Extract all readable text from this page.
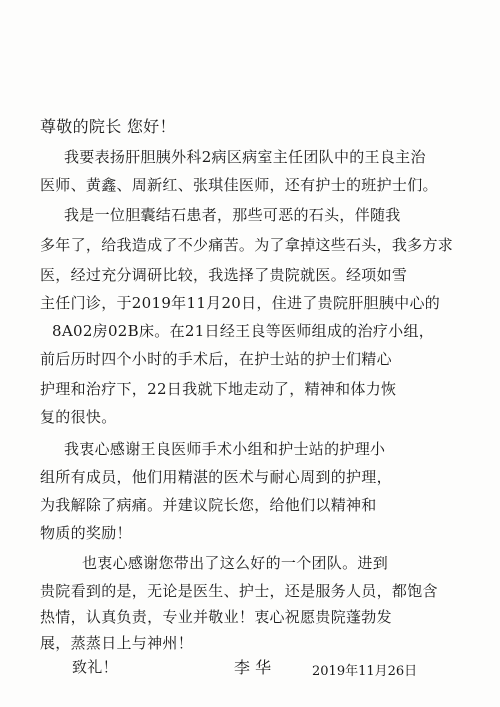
尊敬的院长 您好！
我要表扬肝胆胰外科2病区病室主任团队中的王良主治
医师、黄鑫、周新红、张琪佳医师，还有护士的班护士们。
我是一位胆囊结石患者，那些可恶的石头，伴随我
多年了，给我造成了不少痛苦。为了拿掉这些石头，我多方求
医，经过充分调研比较，我选择了贵院就医。经项如雪
主任门诊，于2019年11月20日，住进了贵院肝胆胰中心的
8A02房02B床。在21日经王良等医师组成的治疗小组，
前后历时四个小时的手术后，在护士站的护士们精心
护理和治疗下，22日我就下地走动了，精神和体力恢
复的很快。
我衷心感谢王良医师手术小组和护士站的护理小
组所有成员，他们用精湛的医术与耐心周到的护理，
为我解除了病痛。并建议院长您，给他们以精神和
物质的奖励！
也衷心感谢您带出了这么好的一个团队。进到
贵院看到的是，无论是医生、护士，还是服务人员，都饱含
热情，认真负责，专业并敬业！衷心祝愿贵院蓬勃发
展，蒸蒸日上与神州！
致礼！	李 华	2019年11月26日
